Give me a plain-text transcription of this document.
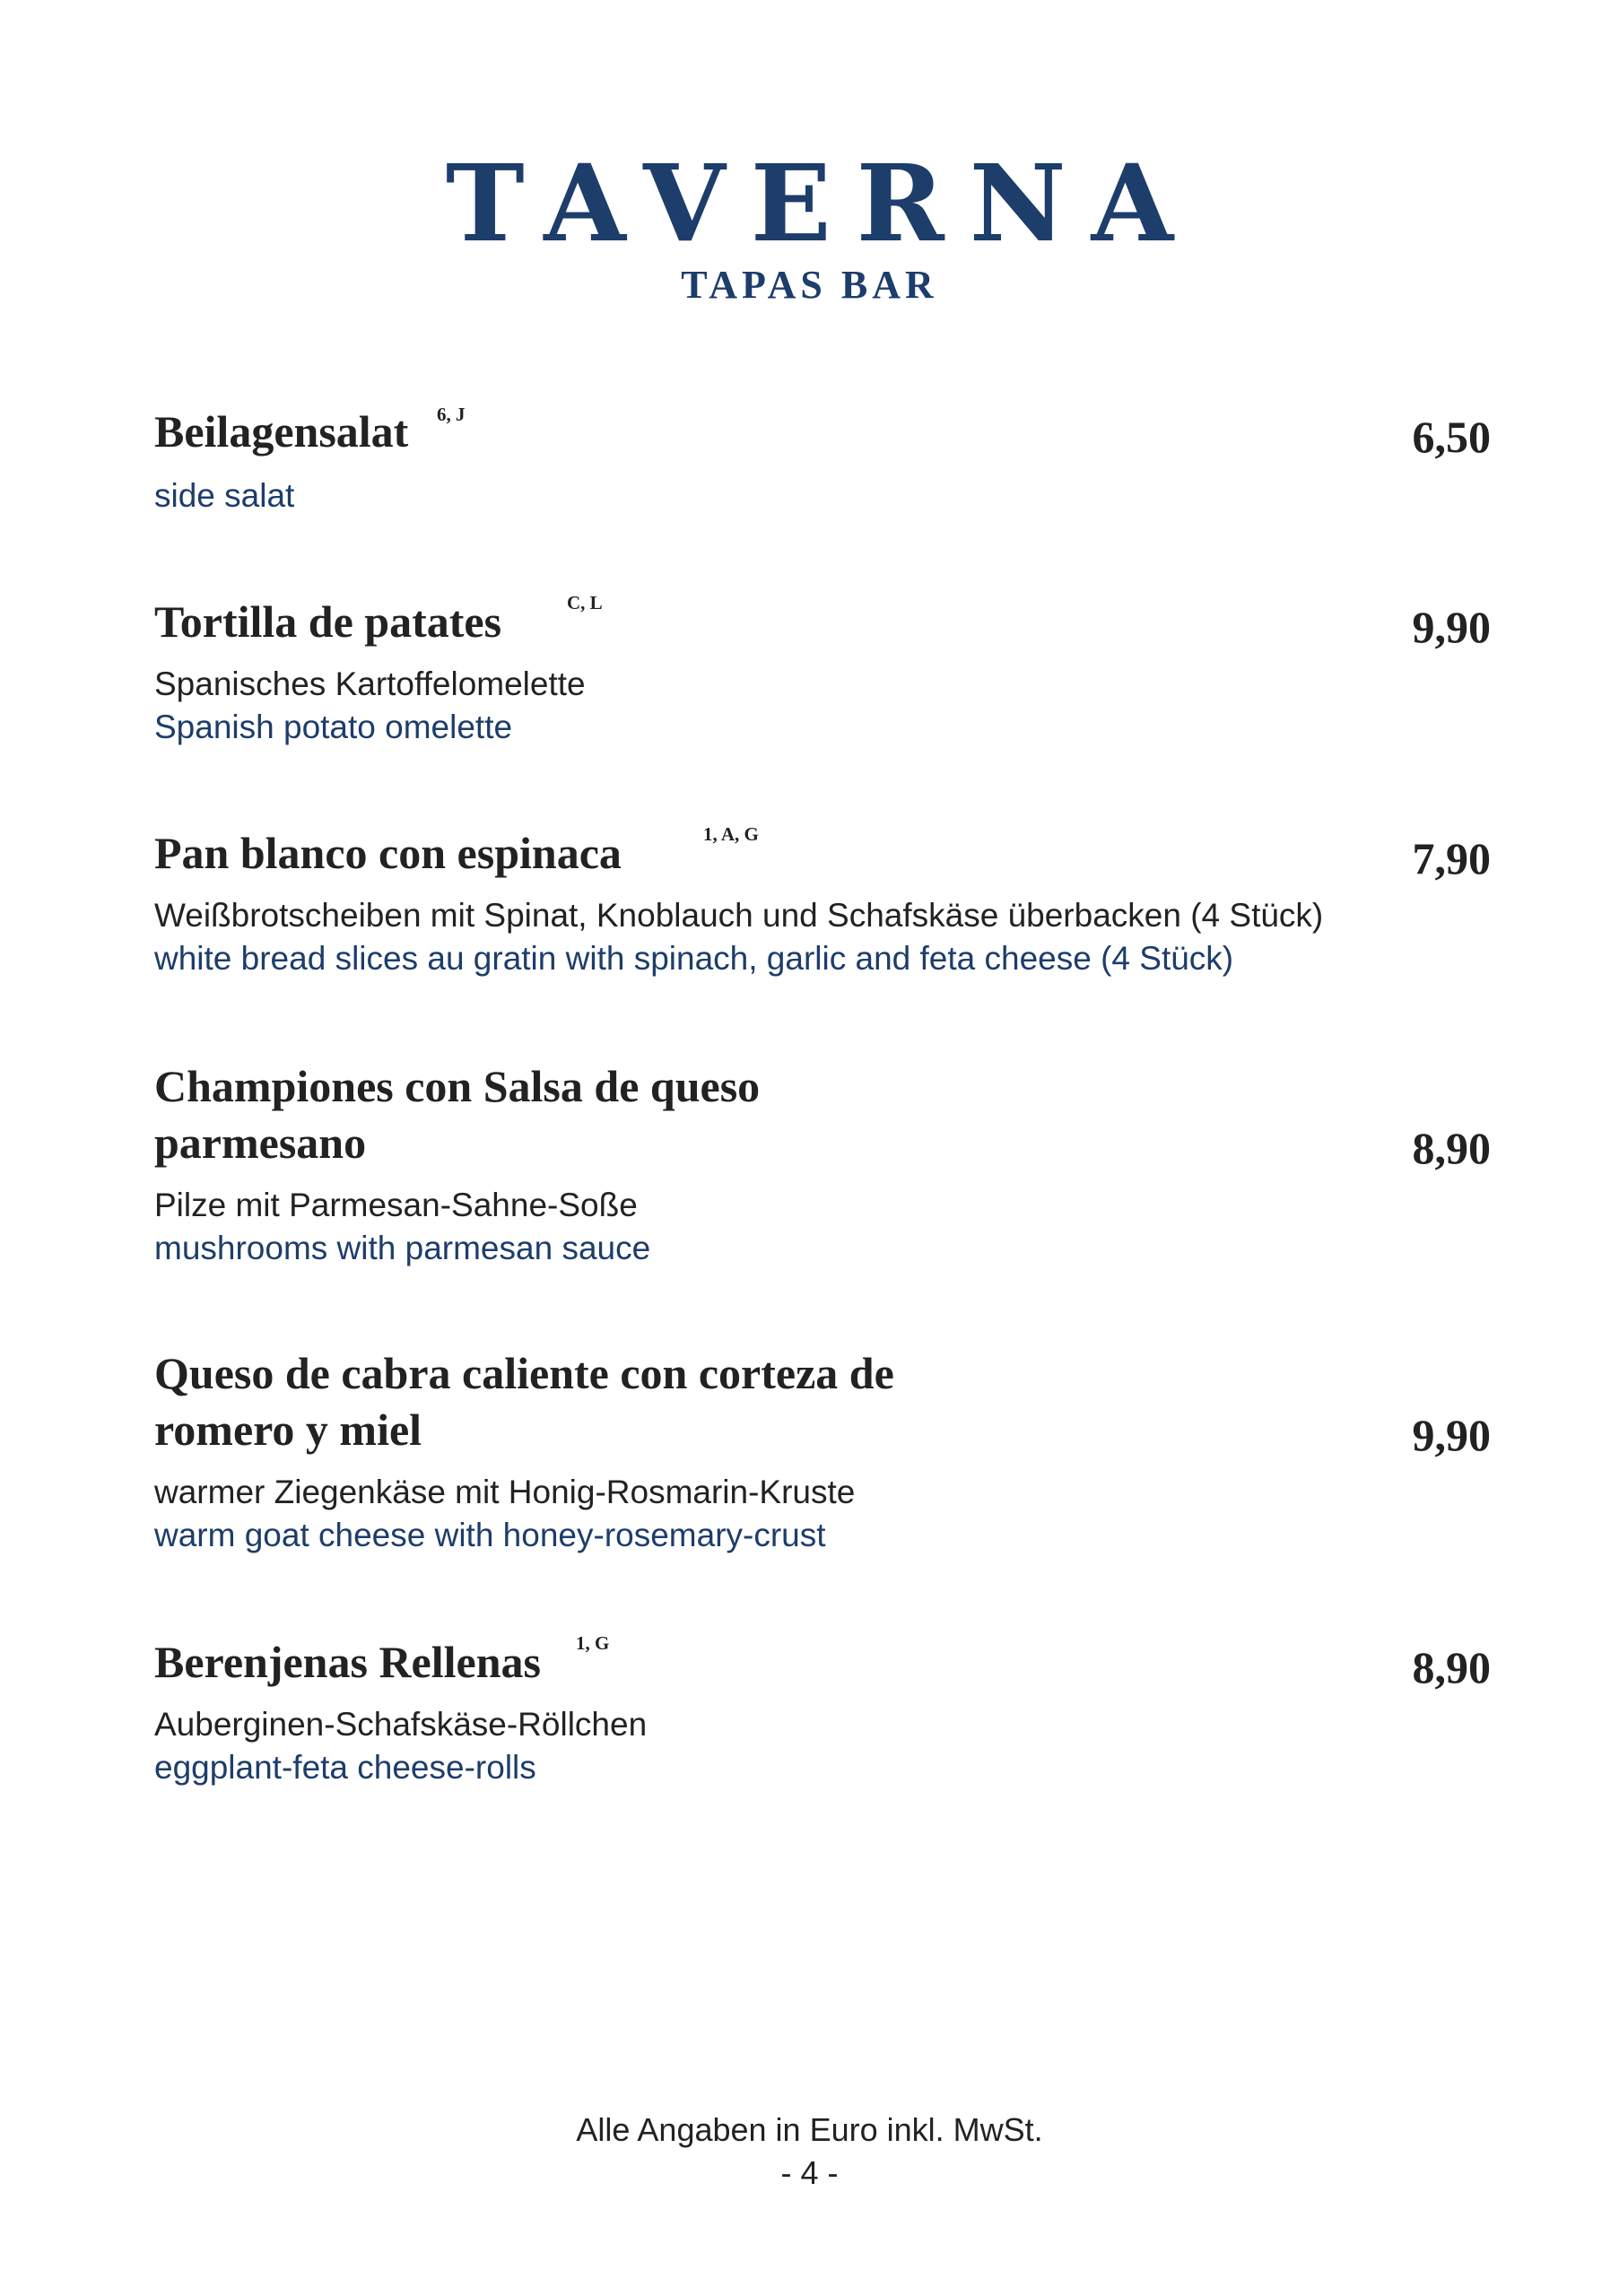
TAVERNA
TAPAS BAR
Beilagensalat 6, J	6,50
side salat
Tortilla de patates	C, L	9,90
Spanisches Kartoffelomelette
Spanish potato omelette
Pan blanco con espinaca	1, A, G	7,90
Weißbrotscheiben mit Spinat, Knoblauch und Schafskäse überbacken (4 Stück)
white bread slices au gratin with spinach, garlic and feta cheese (4 Stück)
Championes con Salsa de queso
parmesano	8,90
Pilze mit Parmesan-Sahne-Soße
mushrooms with parmesan sauce
Queso de cabra caliente con corteza de
romero y miel	9,90
warmer Ziegenkäse mit Honig-Rosmarin-Kruste
warm goat cheese with honey-rosemary-crust
Berenjenas Rellenas 1, G	8,90
Auberginen-Schafskäse-Röllchen
eggplant-feta cheese-rolls
Alle Angaben in Euro inkl. MwSt.
- 4 -
